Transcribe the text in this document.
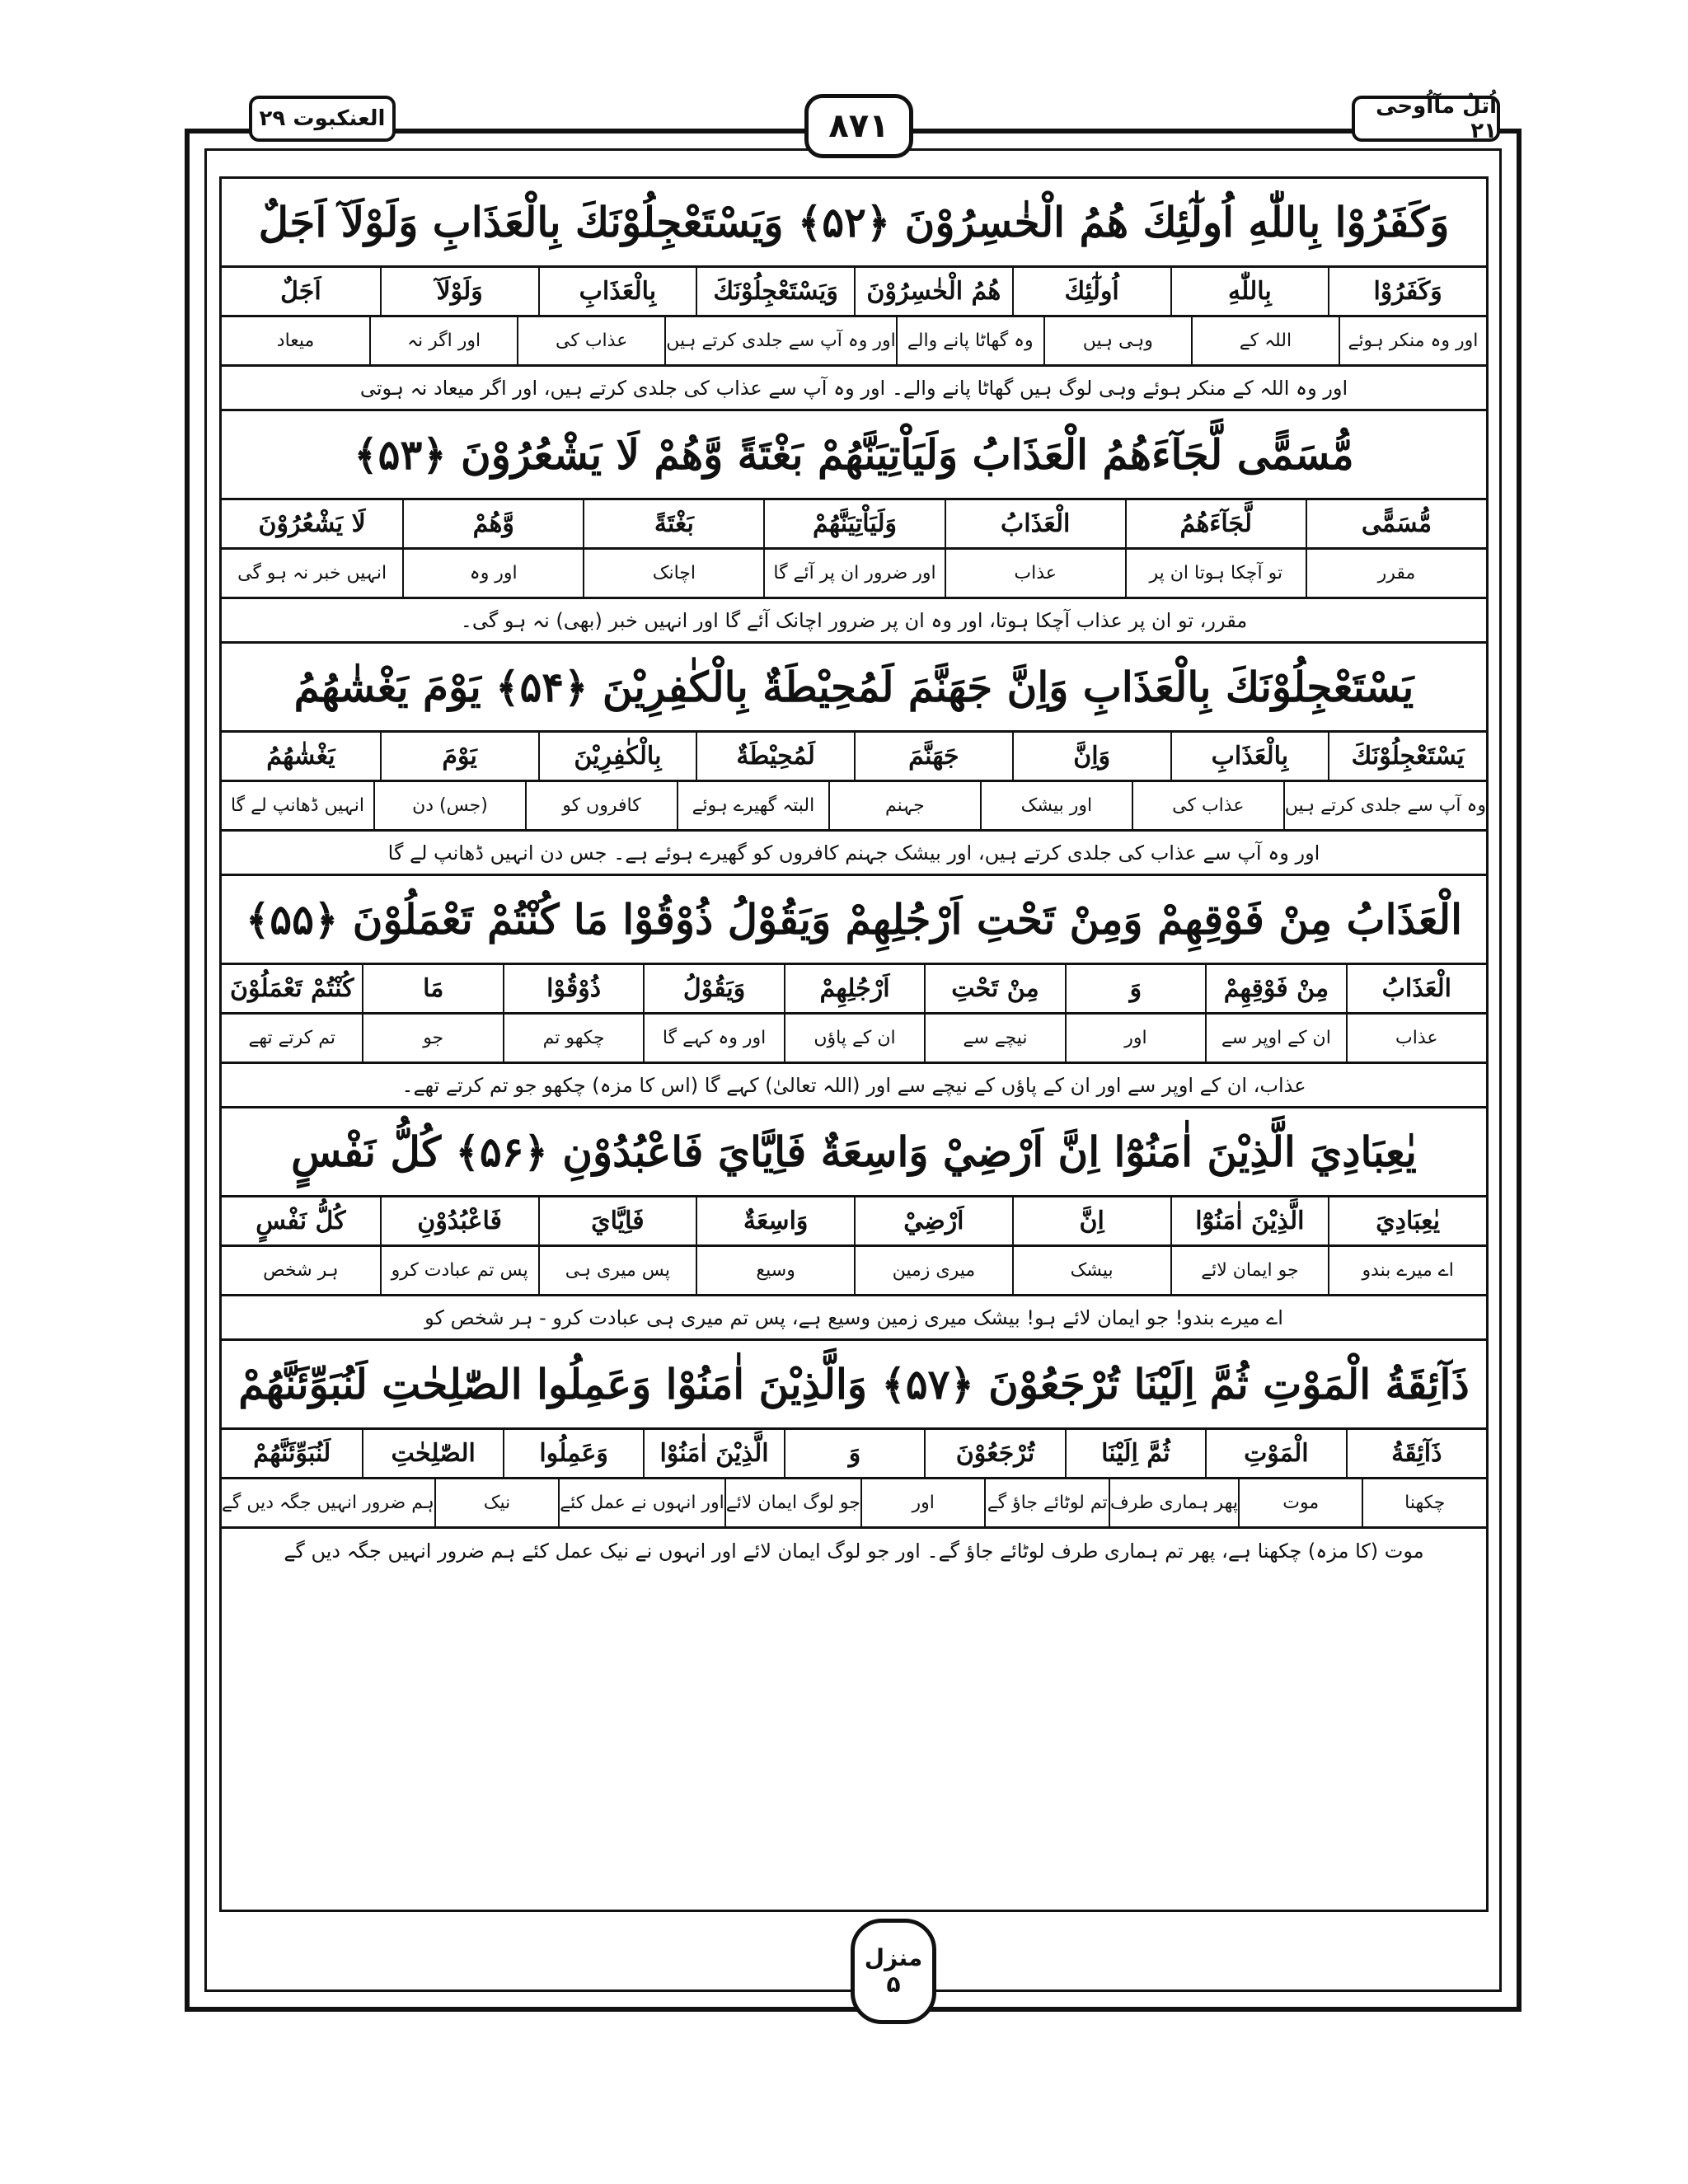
العنکبوت ۲۹	۸۷۱
اُتلُ مآاُوحی ۲۱
وَكَفَرُوْا بِاللّٰهِ اُولٰٓئِكَ هُمُ الْخٰسِرُوْنَ ﴿۵۲﴾ وَيَسْتَعْجِلُوْنَكَ بِالْعَذَابِ وَلَوْلَآ اَجَلٌ
وَكَفَرُوْا
بِاللّٰهِ
اُولٰٓئِكَ
هُمُ الْخٰسِرُوْنَ
وَيَسْتَعْجِلُوْنَكَ
بِالْعَذَابِ
وَلَوْلَآ
اَجَلٌ
اور وہ منکر ہوئے
اللہ کے
وہی ہیں
وہ گھاٹا پانے والے
اور وہ آپ سے جلدی کرتے ہیں
عذاب کی
اور اگر نہ
میعاد
اور وہ اللہ کے منکر ہوئے وہی لوگ ہیں گھاٹا پانے والے۔ اور وہ آپ سے عذاب کی جلدی کرتے ہیں، اور اگر میعاد نہ ہوتی
مُّسَمًّى لَّجَآءَهُمُ الْعَذَابُ وَلَيَاْتِيَنَّهُمْ بَغْتَةً وَّهُمْ لَا يَشْعُرُوْنَ ﴿۵۳﴾
مُّسَمًّى
لَّجَآءَهُمُ
الْعَذَابُ
وَلَيَاْتِيَنَّهُمْ
بَغْتَةً
وَّهُمْ
لَا يَشْعُرُوْنَ
مقرر
تو آچکا ہوتا ان پر
عذاب
اور ضرور ان پر آئے گا
اچانک
اور وہ
انہیں خبر نہ ہو گی
مقرر، تو ان پر عذاب آچکا ہوتا، اور وہ ان پر ضرور اچانک آئے گا اور انہیں خبر (بھی) نہ ہو گی۔
يَسْتَعْجِلُوْنَكَ بِالْعَذَابِ وَاِنَّ جَهَنَّمَ لَمُحِيْطَةٌ بِالْكٰفِرِيْنَ ﴿۵۴﴾ يَوْمَ يَغْشٰهُمُ
يَسْتَعْجِلُوْنَكَ
بِالْعَذَابِ
وَاِنَّ
جَهَنَّمَ
لَمُحِيْطَةٌ
بِالْكٰفِرِيْنَ
يَوْمَ
يَغْشٰهُمُ
وہ آپ سے جلدی کرتے ہیں
عذاب کی
اور بیشک
جہنم
البتہ گھیرے ہوئے
کافروں کو
(جس) دن
انہیں ڈھانپ لے گا
اور وہ آپ سے عذاب کی جلدی کرتے ہیں، اور بیشک جہنم کافروں کو گھیرے ہوئے ہے۔ جس دن انہیں ڈھانپ لے گا
الْعَذَابُ مِنْ فَوْقِهِمْ وَمِنْ تَحْتِ اَرْجُلِهِمْ وَيَقُوْلُ ذُوْقُوْا مَا كُنْتُمْ تَعْمَلُوْنَ ﴿۵۵﴾
الْعَذَابُ
مِنْ فَوْقِهِمْ
وَ
مِنْ تَحْتِ
اَرْجُلِهِمْ
وَيَقُوْلُ
ذُوْقُوْا
مَا
كُنْتُمْ تَعْمَلُوْنَ
عذاب
ان کے اوپر سے
اور
نیچے سے
ان کے پاؤں
اور وہ کہے گا
چکھو تم
جو
تم کرتے تھے
عذاب، ان کے اوپر سے اور ان کے پاؤں کے نیچے سے اور (اللہ تعالیٰ) کہے گا (اس کا مزہ) چکھو جو تم کرتے تھے۔
يٰعِبَادِيَ الَّذِيْنَ اٰمَنُوْٓا اِنَّ اَرْضِيْ وَاسِعَةٌ فَاِيَّايَ فَاعْبُدُوْنِ ﴿۵۶﴾ كُلُّ نَفْسٍ
يٰعِبَادِيَ
الَّذِيْنَ اٰمَنُوْٓا
اِنَّ
اَرْضِيْ
وَاسِعَةٌ
فَاِيَّايَ
فَاعْبُدُوْنِ
كُلُّ نَفْسٍ
اے میرے بندو
جو ایمان لائے
بیشک
میری زمین
وسیع
پس میری ہی
پس تم عبادت کرو
ہر شخص
اے میرے بندو! جو ایمان لائے ہو! بیشک میری زمین وسیع ہے، پس تم میری ہی عبادت کرو - ہر شخص کو
ذَآئِقَةُ الْمَوْتِ ثُمَّ اِلَيْنَا تُرْجَعُوْنَ ﴿۵۷﴾ وَالَّذِيْنَ اٰمَنُوْا وَعَمِلُوا الصّٰلِحٰتِ لَنُبَوِّئَنَّهُمْ
ذَآئِقَةُ
الْمَوْتِ
ثُمَّ اِلَيْنَا
تُرْجَعُوْنَ
وَ
الَّذِيْنَ اٰمَنُوْا
وَعَمِلُوا
الصّٰلِحٰتِ
لَنُبَوِّئَنَّهُمْ
چکھنا
موت
پھر ہماری طرف
تم لوٹائے جاؤ گے
اور
جو لوگ ایمان لائے
اور انہوں نے عمل کئے
نیک
ہم ضرور انہیں جگہ دیں گے
موت (کا مزہ) چکھنا ہے، پھر تم ہماری طرف لوٹائے جاؤ گے۔ اور جو لوگ ایمان لائے اور انہوں نے نیک عمل کئے ہم ضرور انہیں جگہ دیں گے
منزل
۵
